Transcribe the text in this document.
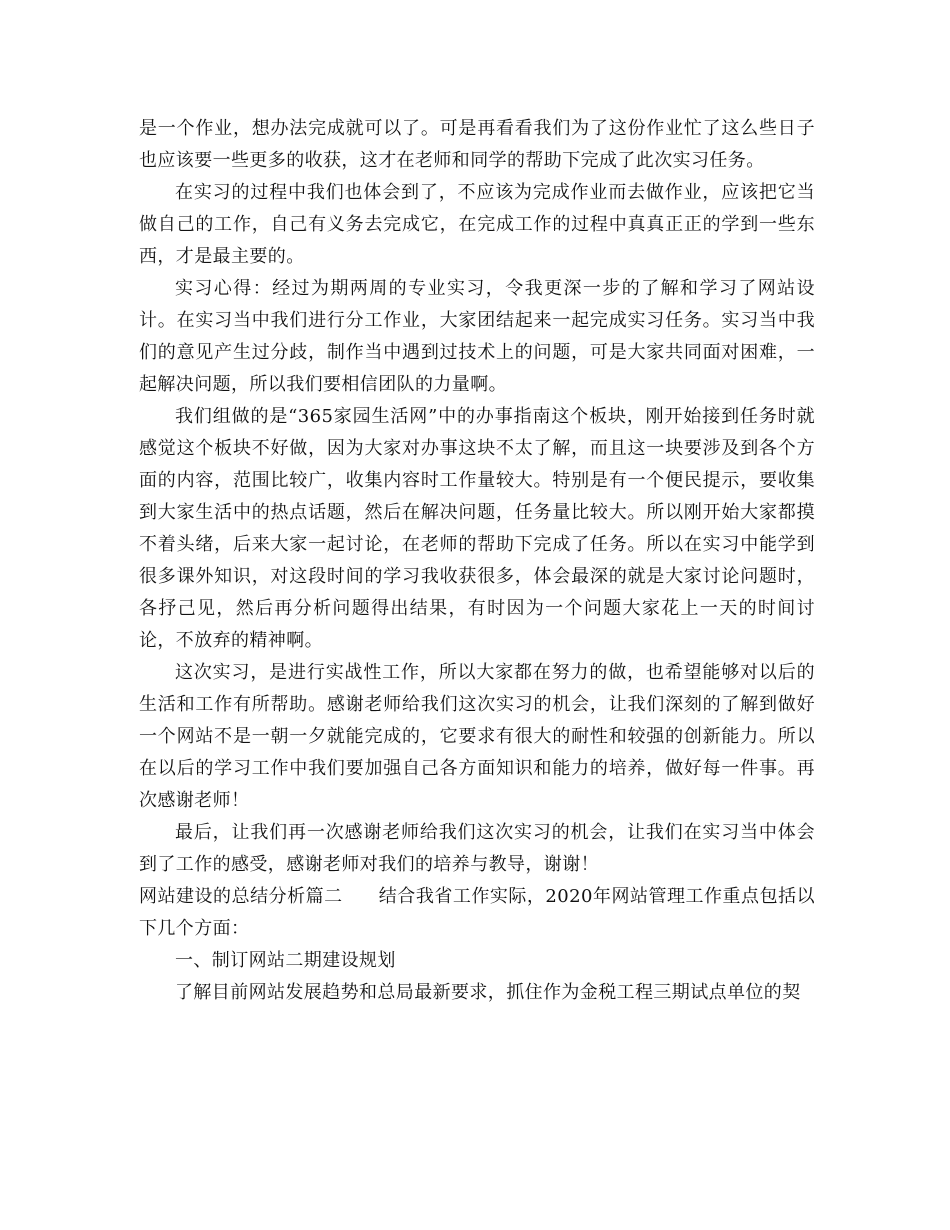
是一个作业，想办法完成就可以了。可是再看看我们为了这份作业忙了这么些日子也应该要一些更多的收获，这才在老师和同学的帮助下完成了此次实习任务。

在实习的过程中我们也体会到了，不应该为完成作业而去做作业，应该把它当做自己的工作，自己有义务去完成它，在完成工作的过程中真真正正的学到一些东西，才是最主要的。

实习心得：经过为期两周的专业实习，令我更深一步的了解和学习了网站设计。在实习当中我们进行分工作业，大家团结起来一起完成实习任务。实习当中我们的意见产生过分歧，制作当中遇到过技术上的问题，可是大家共同面对困难，一起解决问题，所以我们要相信团队的力量啊。

我们组做的是“365家园生活网”中的办事指南这个板块，刚开始接到任务时就感觉这个板块不好做，因为大家对办事这块不太了解，而且这一块要涉及到各个方面的内容，范围比较广，收集内容时工作量较大。特别是有一个便民提示，要收集到大家生活中的热点话题，然后在解决问题，任务量比较大。所以刚开始大家都摸不着头绪，后来大家一起讨论，在老师的帮助下完成了任务。所以在实习中能学到很多课外知识，对这段时间的学习我收获很多，体会最深的就是大家讨论问题时，各抒己见，然后再分析问题得出结果，有时因为一个问题大家花上一天的时间讨论，不放弃的精神啊。

这次实习，是进行实战性工作，所以大家都在努力的做，也希望能够对以后的生活和工作有所帮助。感谢老师给我们这次实习的机会，让我们深刻的了解到做好一个网站不是一朝一夕就能完成的，它要求有很大的耐性和较强的创新能力。所以在以后的学习工作中我们要加强自己各方面知识和能力的培养，做好每一件事。再次感谢老师！

最后，让我们再一次感谢老师给我们这次实习的机会，让我们在实习当中体会到了工作的感受，感谢老师对我们的培养与教导，谢谢！

网站建设的总结分析篇二 结合我省工作实际，2020年网站管理工作重点包括以下几个方面：

一、制订网站二期建设规划

了解目前网站发展趋势和总局最新要求，抓住作为金税工程三期试点单位的契
